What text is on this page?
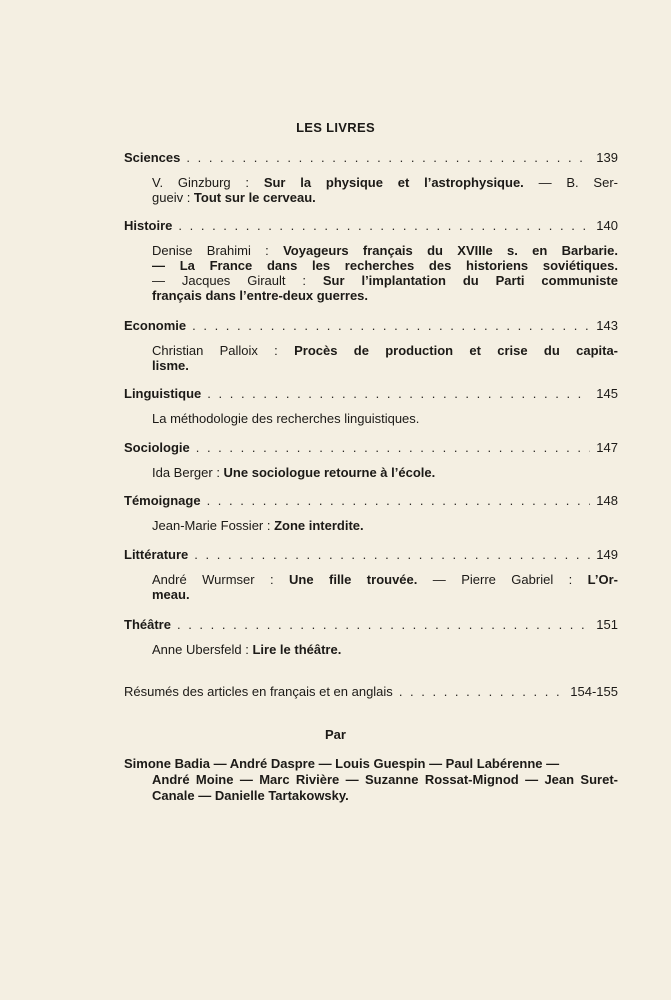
LES LIVRES
Sciences . . .	139
V. Ginzburg : Sur la physique et l’astrophysique. — B. Ser-
gueiv : Tout sur le cerveau.
Histoire . . .	140
Denise Brahimi : Voyageurs français du XVIIIe s. en Barbarie.
— La France dans les recherches des historiens soviétiques.
— Jacques Girault : Sur l’implantation du Parti communiste
français dans l’entre-deux guerres.
Economie . . .	143
Christian Palloix : Procès de production et crise du capita-
lisme.
Linguistique . . .	145
La méthodologie des recherches linguistiques.
Sociologie . . .	147
Ida Berger : Une sociologue retourne à l’école.
Témoignage . . .	148
Jean-Marie Fossier : Zone interdite.
Littérature . . .	149
André Wurmser : Une fille trouvée. — Pierre Gabriel : L’Or-
meau.
Théâtre . . .	151
Anne Ubersfeld : Lire le théâtre.
Résumés des articles en français et en anglais . . .	154-155
Par
Simone Badia — André Daspre — Louis Guespin — Paul Labérenne —
André Moine — Marc Rivière — Suzanne Rossat-Mignod — Jean Suret-Canale — Danielle Tartakowsky.
